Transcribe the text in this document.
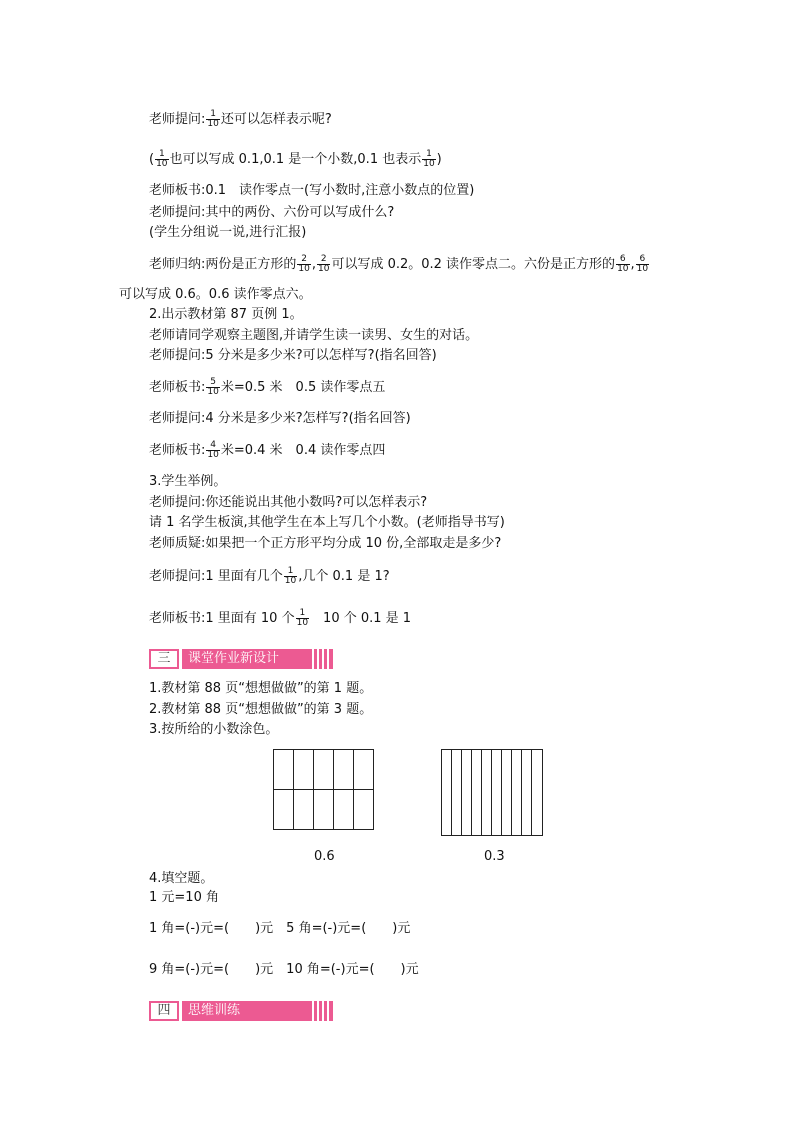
老师提问: $\frac{1}{10}$ 还可以怎样表示呢?
( $\frac{1}{10}$ 也可以写成 0.1,0.1 是一个小数,0.1 也表示 $\frac{1}{10}$ )
老师板书:0.1　读作零点一(写小数时,注意小数点的位置)
老师提问:其中的两份、六份可以写成什么?
(学生分组说一说,进行汇报)
老师归纳:两份是正方形的 $\frac{2}{10}$ , $\frac{2}{10}$ 可以写成 0.2。0.2 读作零点二。六份是正方形的 $\frac{6}{10}$ , $\frac{6}{10}$
可以写成 0.6。0.6 读作零点六。
2.出示教材第 87 页例 1。
老师请同学观察主题图,并请学生读一读男、女生的对话。
老师提问:5 分米是多少米?可以怎样写?(指名回答)
老师板书: $\frac{5}{10}$ 米=0.5 米　0.5 读作零点五
老师提问:4 分米是多少米?怎样写?(指名回答)
老师板书: $\frac{4}{10}$ 米=0.4 米　0.4 读作零点四
3.学生举例。
老师提问:你还能说出其他小数吗?可以怎样表示?
请 1 名学生板演,其他学生在本上写几个小数。(老师指导书写)
老师质疑:如果把一个正方形平均分成 10 份,全部取走是多少?
老师提问:1 里面有几个 $\frac{1}{10}$ ,几个 0.1 是 1?
老师板书:1 里面有 10 个 $\frac{1}{10}$ 　10 个 0.1 是 1
三	课堂作业新设计
1.教材第 88 页“想想做做”的第 1 题。
2.教材第 88 页“想想做做”的第 3 题。
3.按所给的小数涂色。
0.6	0.3
4.填空题。
1 元=10 角
1 角=(-)元=(　　)元　5 角=(-)元=(　　)元
9 角=(-)元=(　　)元　10 角=(-)元=(　　)元
四	思维训练
